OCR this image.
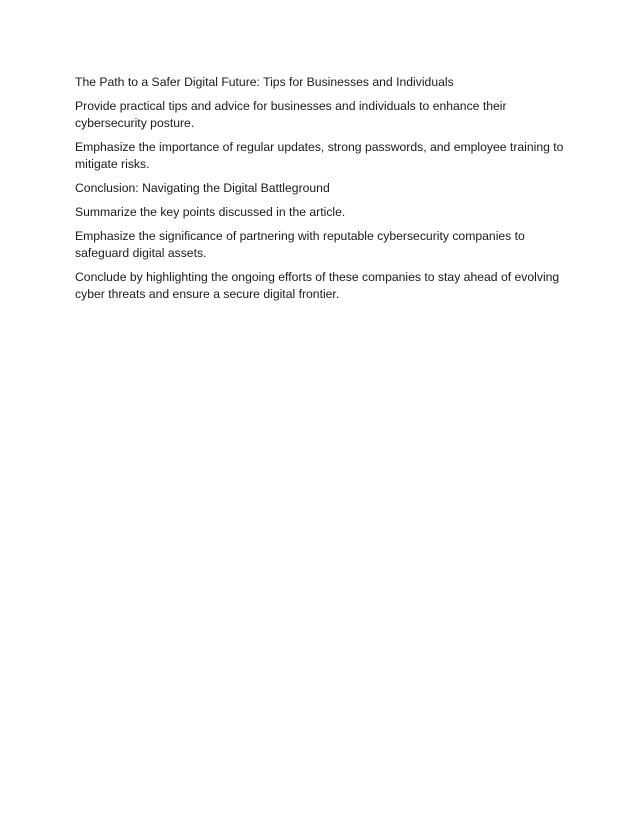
The Path to a Safer Digital Future: Tips for Businesses and Individuals

Provide practical tips and advice for businesses and individuals to enhance their cybersecurity posture.

Emphasize the importance of regular updates, strong passwords, and employee training to mitigate risks.

Conclusion: Navigating the Digital Battleground

Summarize the key points discussed in the article.

Emphasize the significance of partnering with reputable cybersecurity companies to safeguard digital assets.

Conclude by highlighting the ongoing efforts of these companies to stay ahead of evolving cyber threats and ensure a secure digital frontier.
